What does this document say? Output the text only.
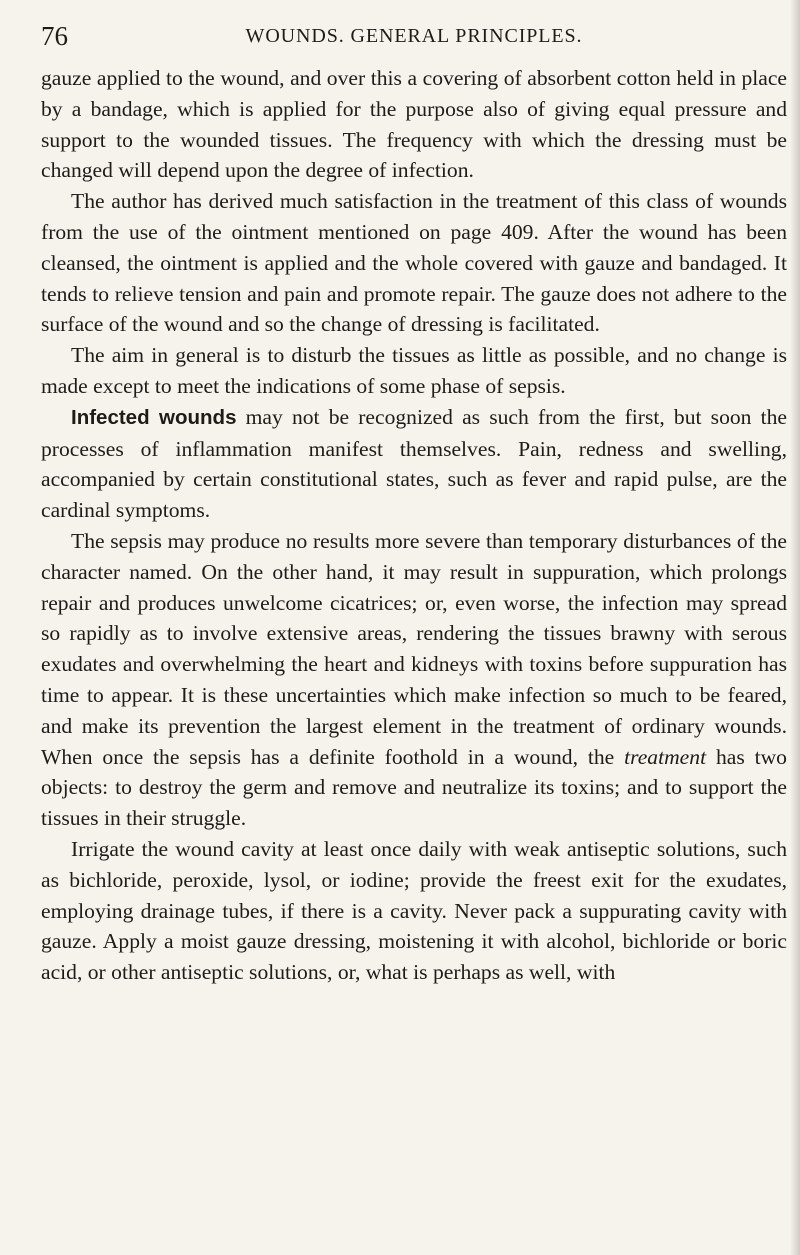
76	WOUNDS. GENERAL PRINCIPLES.

gauze applied to the wound, and over this a covering of absorbent cotton held in place by a bandage, which is applied for the purpose also of giving equal pressure and support to the wounded tissues. The frequency with which the dressing must be changed will depend upon the degree of infection.

The author has derived much satisfaction in the treatment of this class of wounds from the use of the ointment mentioned on page 409. After the wound has been cleansed, the ointment is applied and the whole covered with gauze and bandaged. It tends to relieve tension and pain and promote repair. The gauze does not adhere to the surface of the wound and so the change of dressing is facilitated.

The aim in general is to disturb the tissues as little as possible, and no change is made except to meet the indications of some phase of sepsis.

Infected wounds may not be recognized as such from the first, but soon the processes of inflammation manifest themselves. Pain, redness and swelling, accompanied by certain constitutional states, such as fever and rapid pulse, are the cardinal symptoms.

The sepsis may produce no results more severe than temporary disturbances of the character named. On the other hand, it may result in suppuration, which prolongs repair and produces unwelcome cicatrices; or, even worse, the infection may spread so rapidly as to involve extensive areas, rendering the tissues brawny with serous exudates and overwhelming the heart and kidneys with toxins before suppuration has time to appear. It is these uncertainties which make infection so much to be feared, and make its prevention the largest element in the treatment of ordinary wounds. When once the sepsis has a definite foothold in a wound, the treatment has two objects: to destroy the germ and remove and neutralize its toxins; and to support the tissues in their struggle.

Irrigate the wound cavity at least once daily with weak antiseptic solutions, such as bichloride, peroxide, lysol, or iodine; provide the freest exit for the exudates, employing drainage tubes, if there is a cavity. Never pack a suppurating cavity with gauze. Apply a moist gauze dressing, moistening it with alcohol, bichloride or boric acid, or other antiseptic solutions, or, what is perhaps as well, with
